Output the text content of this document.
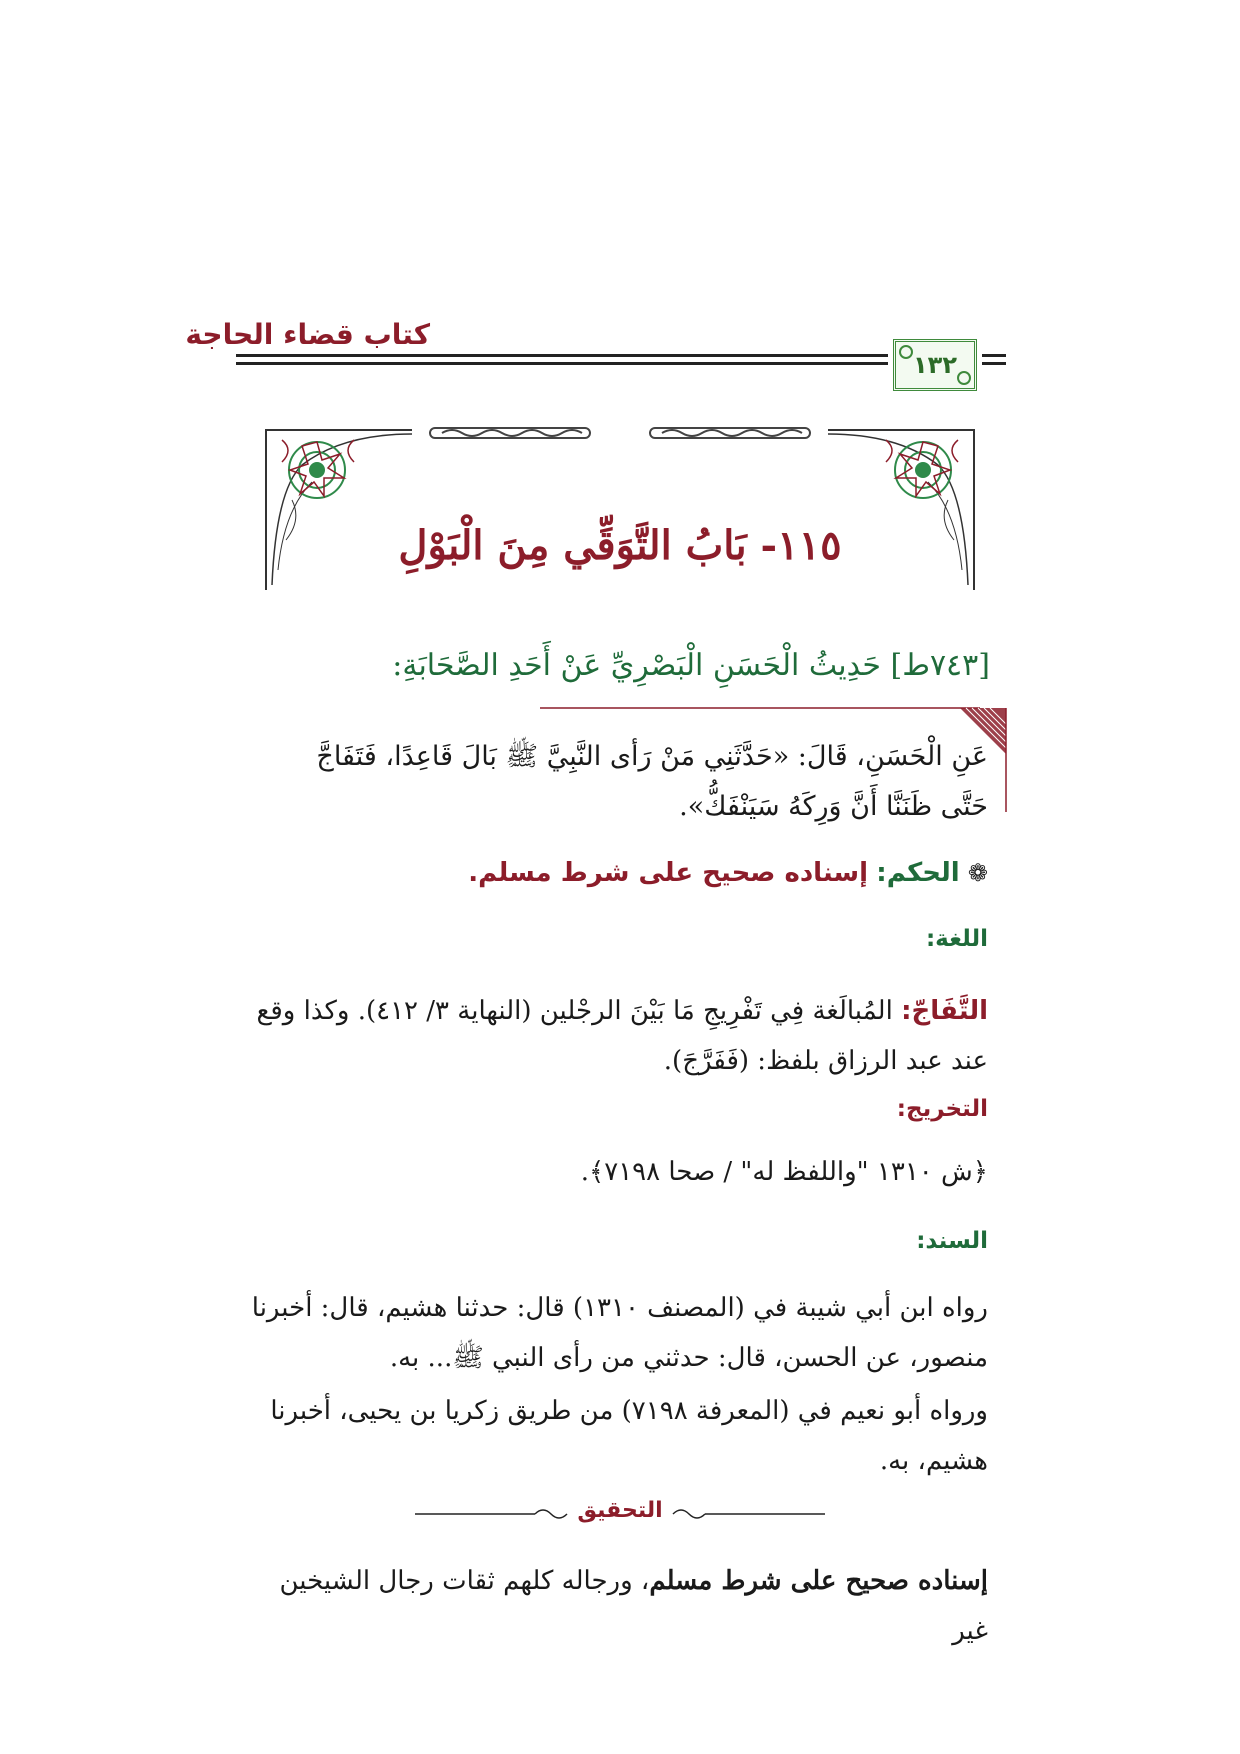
كتاب قضاء الحاجة
١٣٢
١١٥- بَابُ التَّوَقِّي مِنَ الْبَوْلِ
[٧٤٣ط] حَدِيثُ الْحَسَنِ الْبَصْرِيِّ عَنْ أَحَدِ الصَّحَابَةِ:
عَنِ الْحَسَنِ، قَالَ: «حَدَّثَنِي مَنْ رَأى النَّبِيَّ ﷺ بَالَ قَاعِدًا، فَتَفَاجَّ حَتَّى ظَنَنَّا أَنَّ وَرِكَهُ سَيَنْفَكُّ».
❁ الحكم: إسناده صحيح على شرط مسلم.
اللغة:
التَّفَاجّ: المُبالَغة فِي تَفْرِيجِ مَا بَيْنَ الرجْلين (النهاية ٣/ ٤١٢). وكذا وقع عند عبد الرزاق بلفظ: (فَفَرَّجَ).
التخريج:
﴿ش ١٣١٠ "واللفظ له" / صحا ٧١٩٨﴾.
السند:
رواه ابن أبي شيبة في (المصنف ١٣١٠) قال: حدثنا هشيم، قال: أخبرنا منصور، عن الحسن، قال: حدثني من رأى النبي ﷺ... به.
ورواه أبو نعيم في (المعرفة ٧١٩٨) من طريق زكريا بن يحيى، أخبرنا هشيم، به.
التحقيق
إسناده صحيح على شرط مسلم، ورجاله كلهم ثقات رجال الشيخين غير
